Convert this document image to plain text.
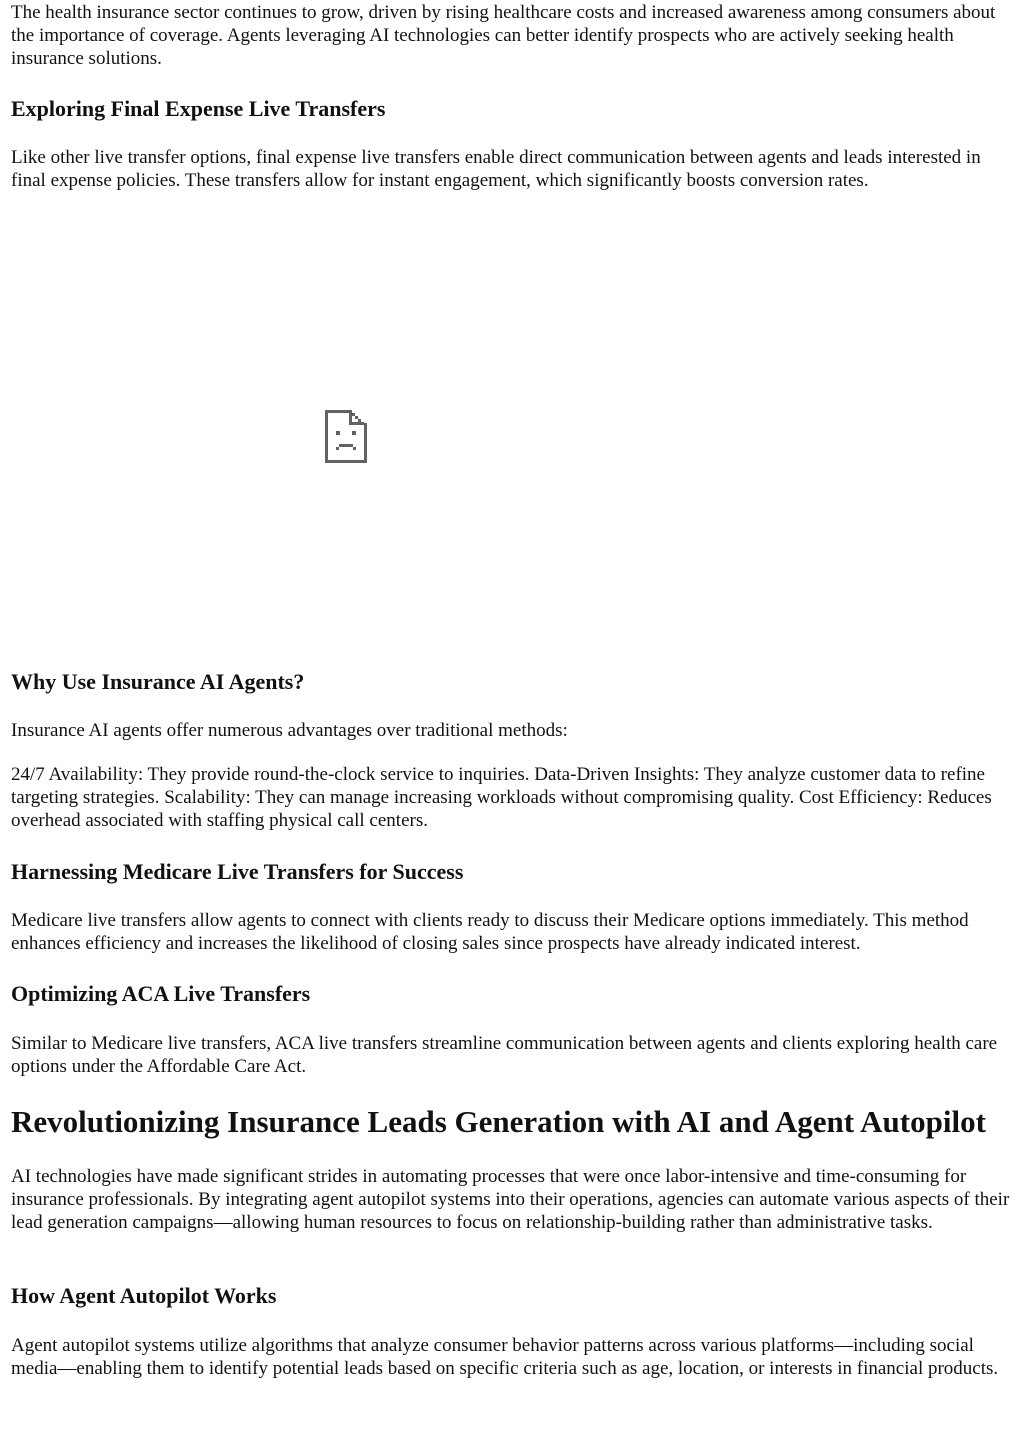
The health insurance sector continues to grow, driven by rising healthcare costs and increased awareness among consumers about the importance of coverage. Agents leveraging AI technologies can better identify prospects who are actively seeking health insurance solutions.

Exploring Final Expense Live Transfers

Like other live transfer options, final expense live transfers enable direct communication between agents and leads interested in final expense policies. These transfers allow for instant engagement, which significantly boosts conversion rates.

Why Use Insurance AI Agents?

Insurance AI agents offer numerous advantages over traditional methods:

24/7 Availability: They provide round-the-clock service to inquiries. Data-Driven Insights: They analyze customer data to refine targeting strategies. Scalability: They can manage increasing workloads without compromising quality. Cost Efficiency: Reduces overhead associated with staffing physical call centers.

Harnessing Medicare Live Transfers for Success

Medicare live transfers allow agents to connect with clients ready to discuss their Medicare options immediately. This method enhances efficiency and increases the likelihood of closing sales since prospects have already indicated interest.

Optimizing ACA Live Transfers

Similar to Medicare live transfers, ACA live transfers streamline communication between agents and clients exploring health care options under the Affordable Care Act.

Revolutionizing Insurance Leads Generation with AI and Agent Autopilot

AI technologies have made significant strides in automating processes that were once labor-intensive and time-consuming for insurance professionals. By integrating agent autopilot systems into their operations, agencies can automate various aspects of their lead generation campaigns—allowing human resources to focus on relationship-building rather than administrative tasks.

How Agent Autopilot Works

Agent autopilot systems utilize algorithms that analyze consumer behavior patterns across various platforms—including social media—enabling them to identify potential leads based on specific criteria such as age, location, or interests in financial products.
